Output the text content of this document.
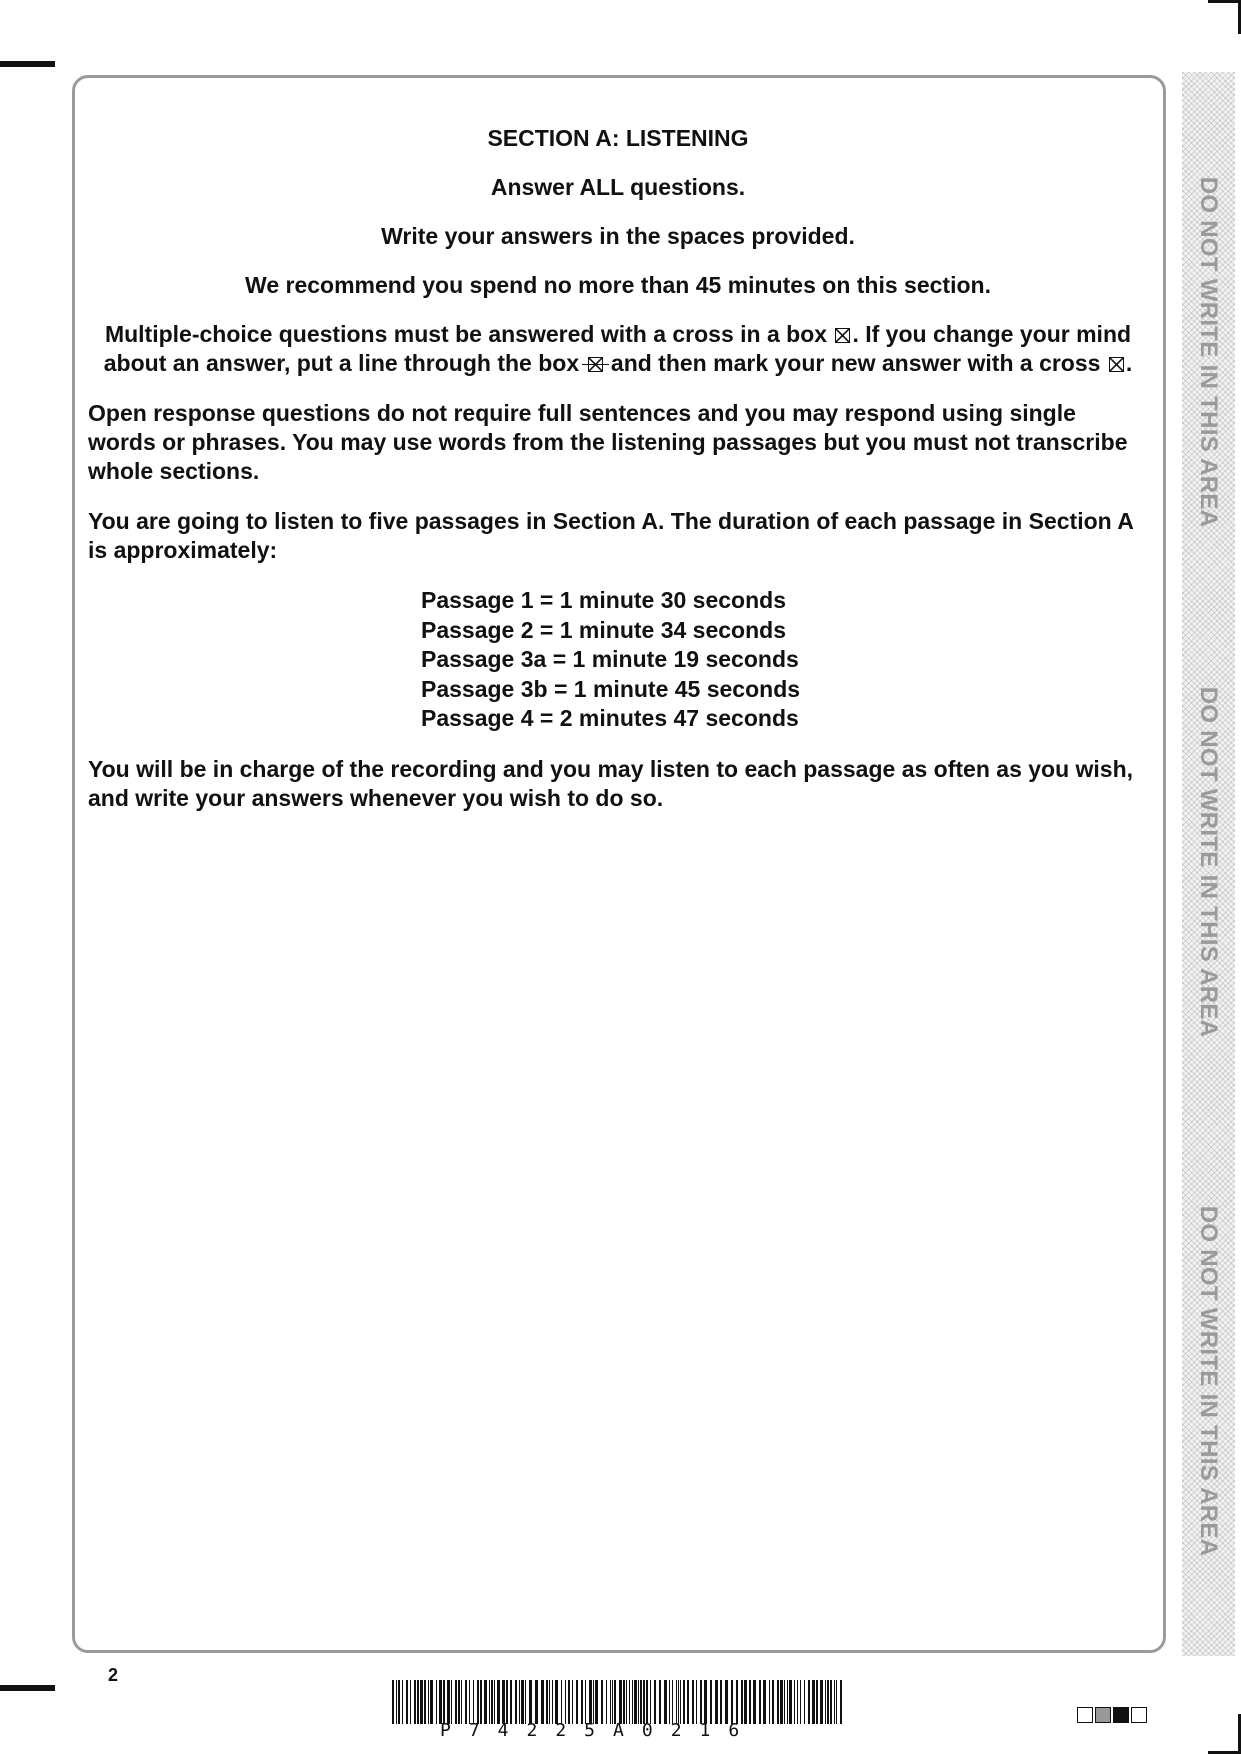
SECTION A: LISTENING

Answer ALL questions.

Write your answers in the spaces provided.

We recommend you spend no more than 45 minutes on this section.

Multiple-choice questions must be answered with a cross in a box ☒ . If you change your mind about an answer, put a line through the box and then mark your new answer with a cross ☒ .

Open response questions do not require full sentences and you may respond using single words or phrases. You may use words from the listening passages but you must not transcribe whole sections.

You are going to listen to five passages in Section A. The duration of each passage in Section A is approximately:

Passage 1 = 1 minute 30 seconds

Passage 2 = 1 minute 34 seconds

Passage 3a = 1 minute 19 seconds

Passage 3b = 1 minute 45 seconds

Passage 4 = 2 minutes 47 seconds

You will be in charge of the recording and you may listen to each passage as often as you wish, and write your answers whenever you wish to do so.

DO NOT WRITE IN THIS AREA
DO NOT WRITE IN THIS AREA
DO NOT WRITE IN THIS AREA
2
P74225A0216
